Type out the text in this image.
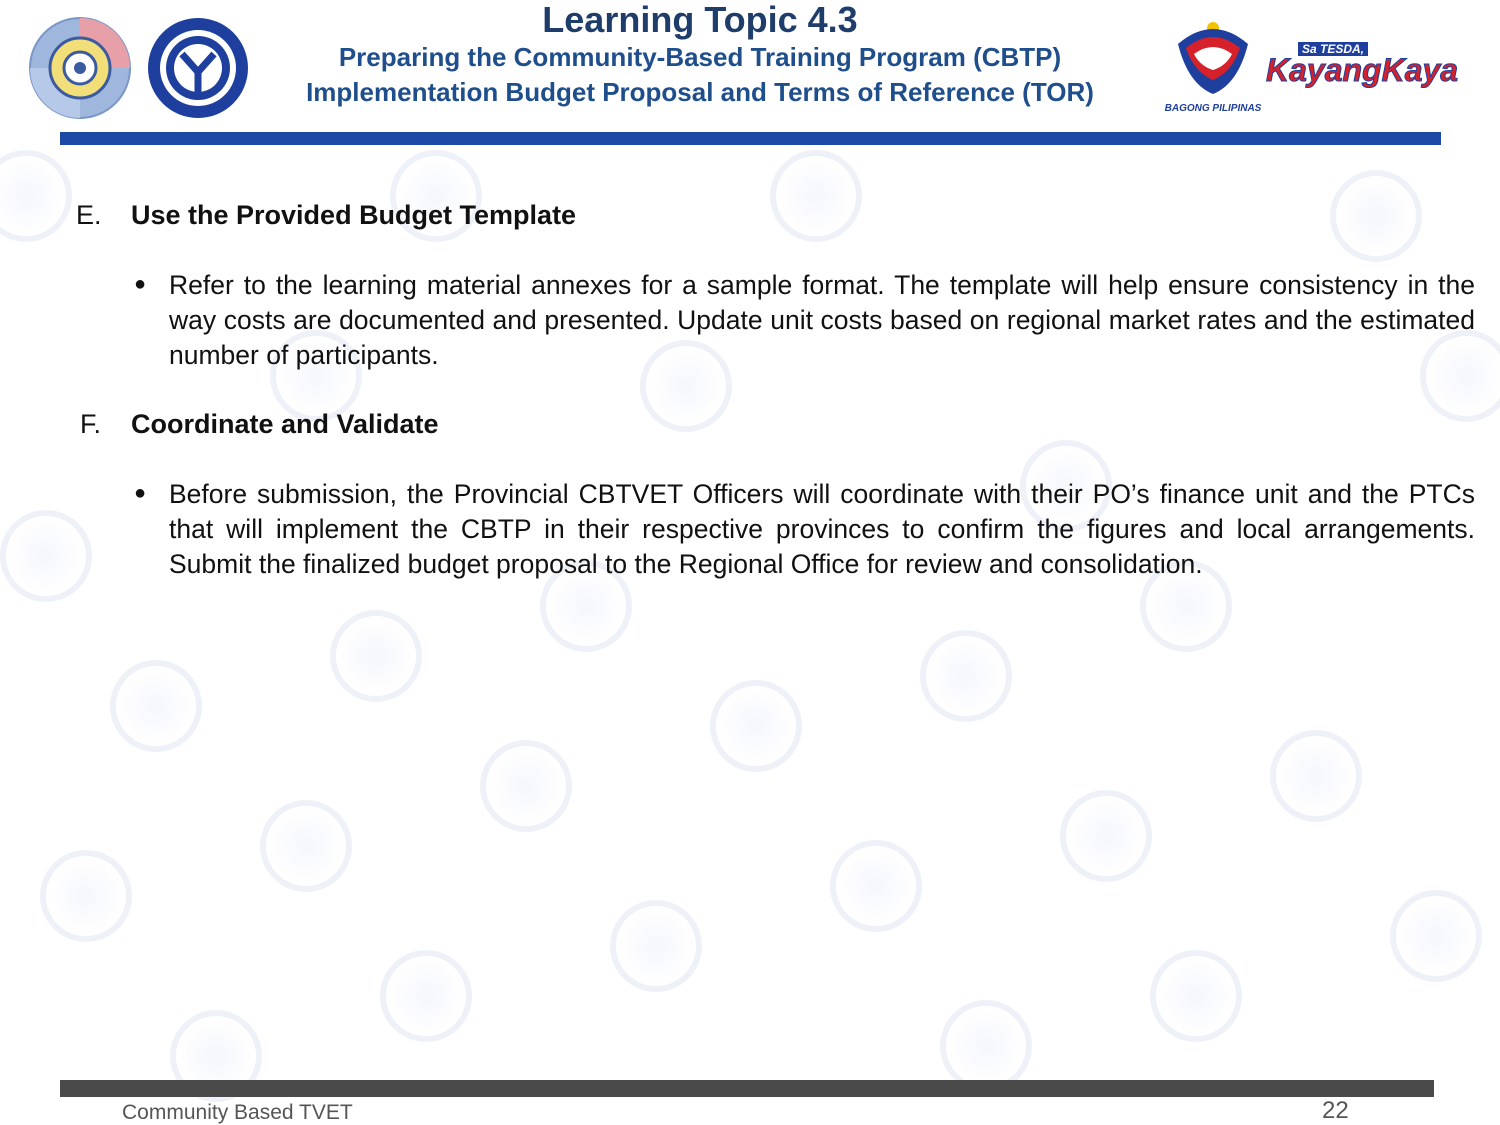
Learning Topic 4.3
Preparing the Community-Based Training Program (CBTP)
Implementation Budget Proposal and Terms of Reference (TOR)
BAGONG PILIPINAS
Sa TESDA,
KayangKaya
E. Use the Provided Budget Template
● Refer to the learning material annexes for a sample format. The template will help ensure consistency in the way costs are documented and presented. Update unit costs based on regional market rates and the estimated number of participants.
F. Coordinate and Validate
● Before submission, the Provincial CBTVET Officers will coordinate with their PO’s finance unit and the PTCs that will implement the CBTP in their respective provinces to confirm the figures and local arrangements. Submit the finalized budget proposal to the Regional Office for review and consolidation.
Community Based TVET	22
